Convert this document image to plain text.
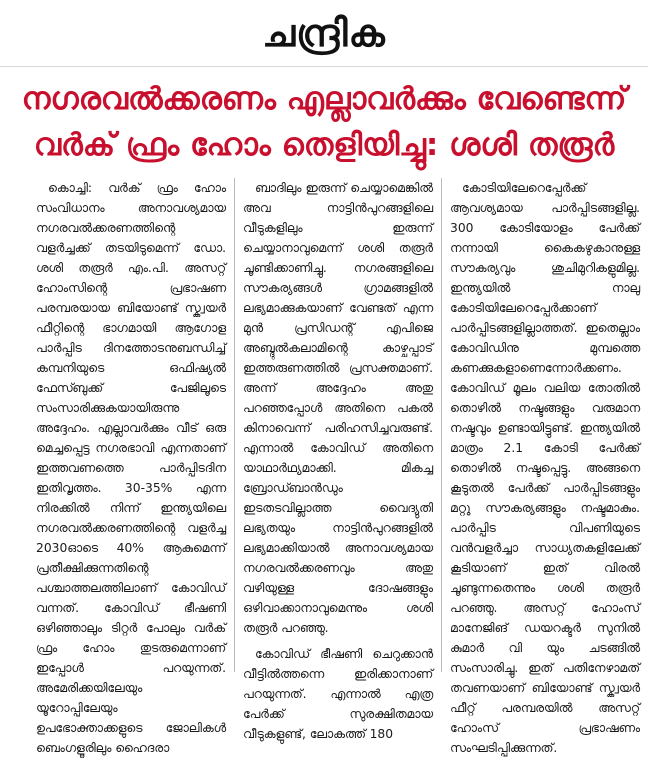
ചന്ദ്രിക
നഗരവൽക്കരണം എല്ലാവർക്കും വേണ്ടെന്ന്
വർക് ഫ്രം ഹോം തെളിയിച്ചു: ശശി തരൂർ

കൊച്ചി: വർക് ഫ്രം ഹോം സംവിധാനം അനാവശ്യമായ നഗരവൽക്കരണത്തിന്റെ വളർച്ചക്ക് തടയിടുമെന്ന് ഡോ. ശശി തരൂർ എം.പി. അസറ്റ് ഹോംസിന്റെ പ്രഭാഷണ പരമ്പരയായ ബിയോണ്ട് സ്ക്വയർ ഫീറ്റിന്റെ ഭാഗമായി ആഗോള പാർപ്പിട ദിനത്തോടനുബന്ധിച്ച് കമ്പനിയുടെ ഒഫിഷ്യൽ ഫേസ്ബുക്ക് പേജിലൂടെ സംസാരിക്കുകയായിരുന്നു അദ്ദേഹം. എല്ലാവർക്കും വീട് ഒരു മെച്ചപ്പെട്ട നഗരഭാവി എന്നതാണ് ഇത്തവണത്തെ പാർപ്പിടദിന ഇതിവൃത്തം. 30-35% എന്ന നിരക്കിൽ നിന്ന് ഇന്ത്യയിലെ നഗരവൽക്കരണത്തിന്റെ വളർച്ച 2030ഓടെ 40% ആകുമെന്ന് പ്രതീക്ഷിക്കുന്നതിന്റെ പശ്ചാത്തലത്തിലാണ് കോവിഡ് വന്നത്. കോവിഡ് ഭീഷണി ഒഴിഞ്ഞാലും ടിറ്റർ പോലും വർക് ഫ്രം ഹോം തുടരുമെന്നാണ് ഇപ്പോൾ പറയുന്നത്. അമേരിക്കയിലേയും യൂറോപ്പിലേയും ഉപഭോക്താക്കളുടെ ജോലികൾ ബെംഗളൂരിലും ഹൈദരാ

ബാദിലും ഇരുന്ന് ചെയ്യാമെങ്കിൽ അവ നാട്ടിൻപുറങ്ങളിലെ വീടുകളിലും ഇരുന്ന് ചെയ്യാനാവുമെന്ന് ശശി തരൂർ ചൂണ്ടിക്കാണിച്ചു. നഗരങ്ങളിലെ സൗകര്യങ്ങൾ ഗ്രാമങ്ങളിൽ ലഭ്യമാക്കുകയാണ് വേണ്ടത് എന്ന മുൻ പ്രസിഡന്റ് എപിജെ അബ്ദുൽകലാമിന്റെ കാഴ്ചപ്പാട് ഇത്തരുണത്തിൽ പ്രസക്തമാണ്. അന്ന് അദ്ദേഹം അതു പറഞ്ഞപ്പോൾ അതിനെ പകൽ കിനാവെന്ന് പരിഹസിച്ചവരുണ്ട്. എന്നാൽ കോവിഡ് അതിനെ യാഥാർഥ്യമാക്കി. മികച്ച ബ്രോഡ്ബാൻഡും ഇടതടവില്ലാത്ത വൈദ്യുതി ലഭ്യതയും നാട്ടിൻപുറങ്ങളിൽ ലഭ്യമാക്കിയാൽ അനാവശ്യമായ നഗരവൽക്കരണവും അതു വഴിയുള്ള ദോഷങ്ങളും ഒഴിവാക്കാനാവുമെന്നും ശശി തരൂർ പറഞ്ഞു.

കോവിഡ് ഭീഷണി ചെറുക്കാൻ വീട്ടിൽത്തന്നെ ഇരിക്കാനാണ് പറയുന്നത്. എന്നാൽ എത്ര പേർക്ക് സുരക്ഷിതമായ വീടുകളുണ്ട്, ലോകത്ത് 180

കോടിയിലേറെപ്പേർക്ക് ആവശ്യമായ പാർപ്പിടങ്ങളില്ല. 300 കോടിയോളം പേർക്ക് നന്നായി കൈകഴുകാനുള്ള സൗകര്യവും ശുചിമുറികളുമില്ല. ഇന്ത്യയിൽ നാലു കോടിയിലേറെപ്പേർക്കാണ് പാർപ്പിടങ്ങളില്ലാത്തത്. ഇതെല്ലാം കോവിഡിനു മുമ്പത്തെ കണക്കുകളാണെന്നോർക്കണം. കോവിഡ് മൂലം വലിയ തോതിൽ തൊഴിൽ നഷ്ടങ്ങളും വരുമാന നഷ്ടവും ഉണ്ടായിട്ടുണ്ട്. ഇന്ത്യയിൽ മാത്രം 2.1 കോടി പേർക്ക് തൊഴിൽ നഷ്ടപ്പെട്ടു. അങ്ങനെ കൂടുതൽ പേർക്ക് പാർപ്പിടങ്ങളും മറ്റു സൗകര്യങ്ങളും നഷ്ടമാകും. പാർപ്പിട വിപണിയുടെ വൻവളർച്ചാ സാധ്യതകളിലേക്ക് കൂടിയാണ് ഇത് വിരൽ ചൂണ്ടുന്നതെന്നും ശശി തരൂർ പറഞ്ഞു. അസറ്റ് ഹോംസ് മാനേജിങ് ഡയറക്ടർ സുനിൽ കുമാർ വി യും ചടങ്ങിൽ സംസാരിച്ചു. ഇത് പതിനേഴാമത് തവണയാണ് ബിയോണ്ട് സ്ക്വയർ ഫീറ്റ് പരമ്പരയിൽ അസറ്റ് ഹോംസ് പ്രഭാഷണം സംഘടിപ്പിക്കുന്നത്.
